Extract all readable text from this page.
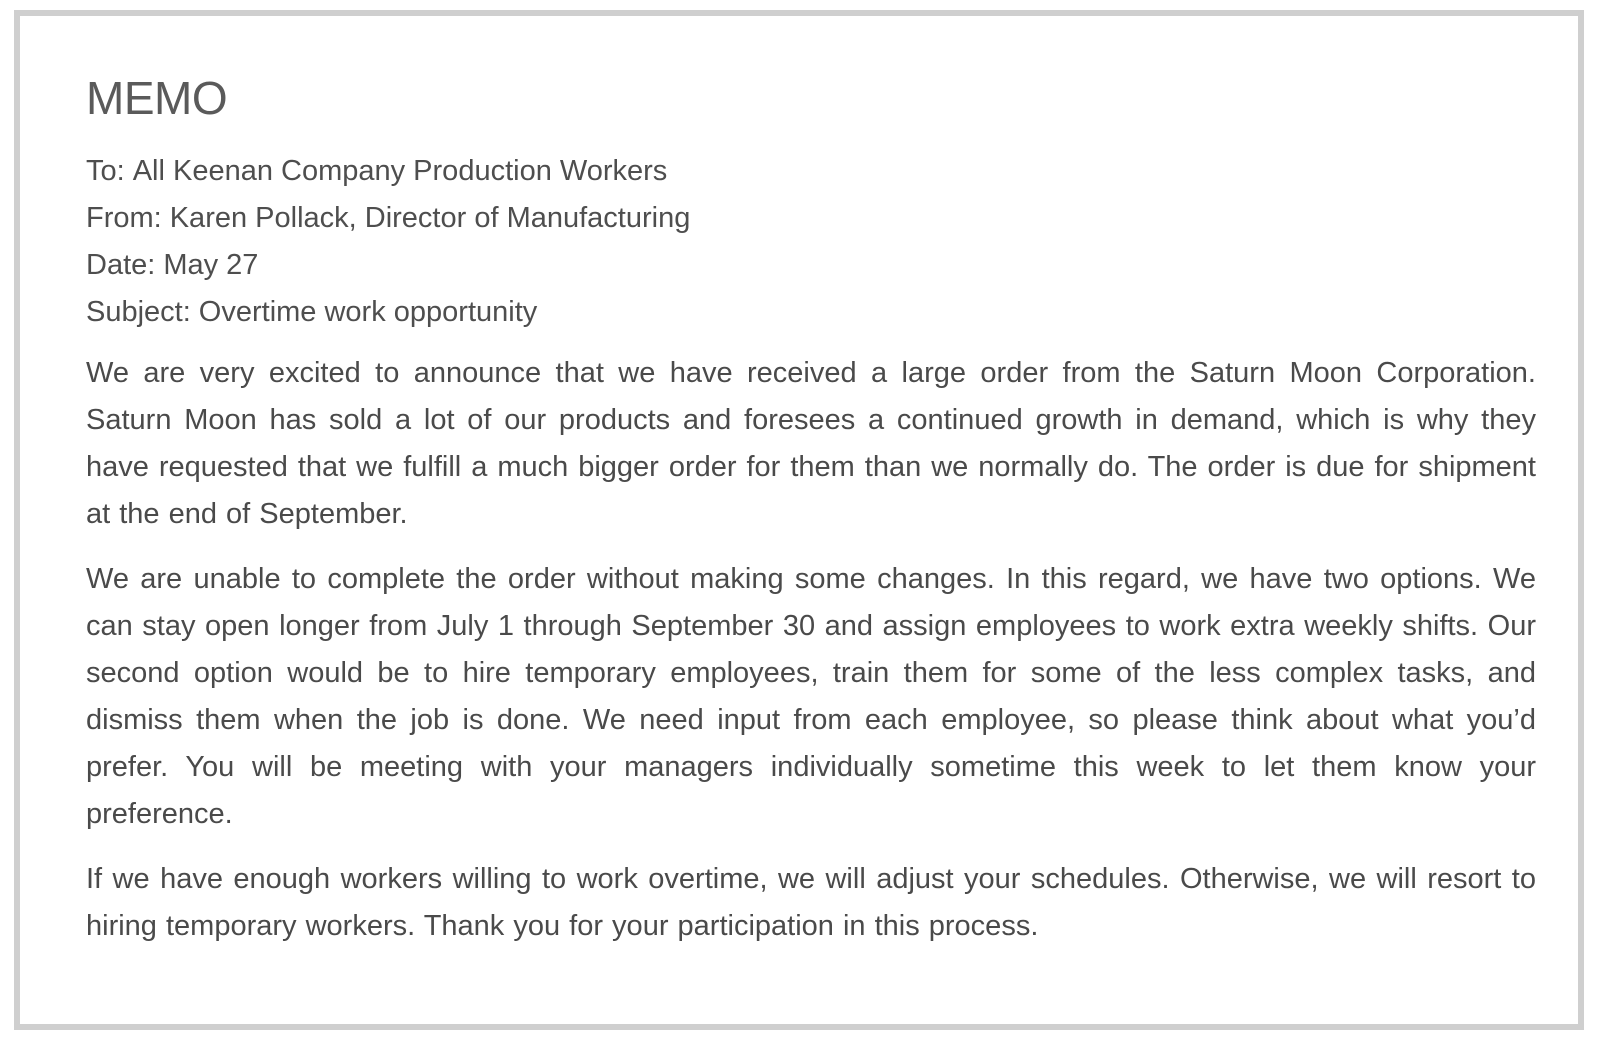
MEMO
To: All Keenan Company Production Workers
From: Karen Pollack, Director of Manufacturing
Date: May 27
Subject: Overtime work opportunity

We are very excited to announce that we have received a large order from the Saturn Moon Corporation. Saturn Moon has sold a lot of our products and foresees a continued growth in demand, which is why they have requested that we fulfill a much bigger order for them than we normally do. The order is due for shipment at the end of September.

We are unable to complete the order without making some changes. In this regard, we have two options. We can stay open longer from July 1 through September 30 and assign employees to work extra weekly shifts. Our second option would be to hire temporary employees, train them for some of the less complex tasks, and dismiss them when the job is done. We need input from each employee, so please think about what you’d prefer. You will be meeting with your managers individually sometime this week to let them know your preference.

If we have enough workers willing to work overtime, we will adjust your schedules. Otherwise, we will resort to hiring temporary workers. Thank you for your participation in this process.
